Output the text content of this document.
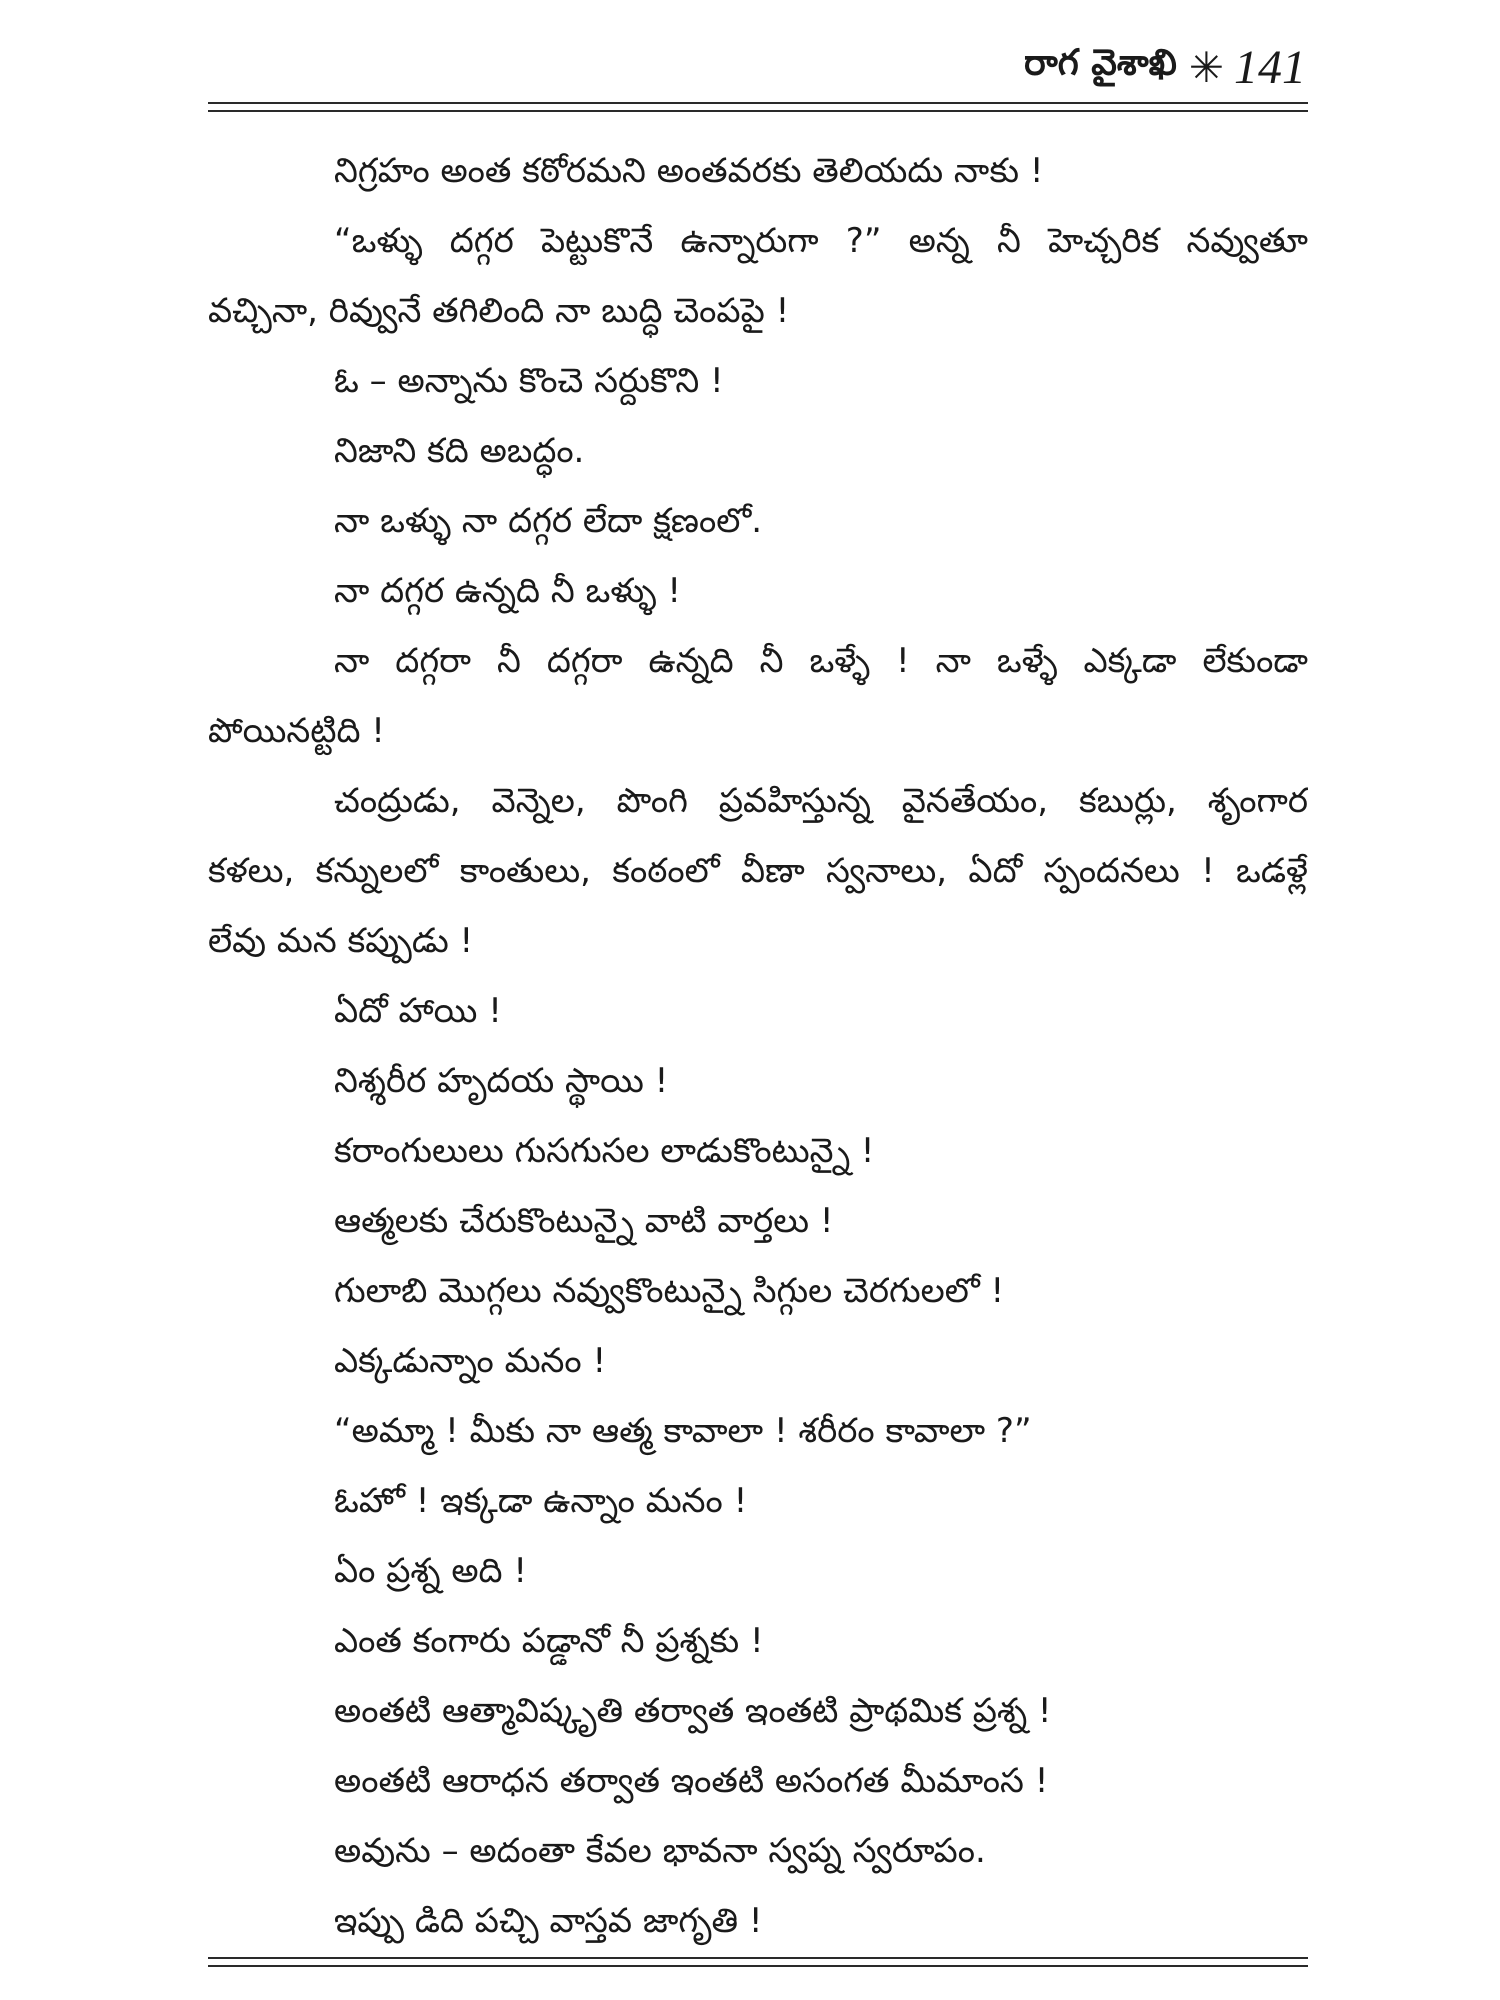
రాగ వైశాఖి ✳ 141
నిగ్రహం అంత కఠోరమని అంతవరకు తెలియదు నాకు !
“ఒళ్ళు దగ్గర పెట్టుకొనే ఉన్నారుగా ?” అన్న నీ హెచ్చరిక నవ్వుతూ
వచ్చినా, రివ్వునే తగిలింది నా బుద్ధి చెంపపై !
ఓ – అన్నాను కొంచె సర్దుకొని !
నిజాని కది అబద్ధం.
నా ఒళ్ళు నా దగ్గర లేదా క్షణంలో.
నా దగ్గర ఉన్నది నీ ఒళ్ళు !
నా దగ్గరా నీ దగ్గరా ఉన్నది నీ ఒళ్ళే ! నా ఒళ్ళే ఎక్కడా లేకుండా
పోయినట్టిది !
చంద్రుడు, వెన్నెల, పొంగి ప్రవహిస్తున్న వైనతేయం, కబుర్లు, శృంగార
కళలు, కన్నులలో కాంతులు, కంఠంలో వీణా స్వనాలు, ఏదో స్పందనలు ! ఒడళ్లే
లేవు మన కప్పుడు !
ఏదో హాయి !
నిశ్శరీర హృదయ స్థాయి !
కరాంగులులు గుసగుసల లాడుకొంటున్నై !
ఆత్మలకు చేరుకొంటున్నై వాటి వార్తలు !
గులాబి మొగ్గలు నవ్వుకొంటున్నై సిగ్గుల చెరగులలో !
ఎక్కడున్నాం మనం !
“అమ్మా ! మీకు నా ఆత్మ కావాలా ! శరీరం కావాలా ?”
ఓహో ! ఇక్కడా ఉన్నాం మనం !
ఏం ప్రశ్న అది !
ఎంత కంగారు పడ్డానో నీ ప్రశ్నకు !
అంతటి ఆత్మావిష్కృతి తర్వాత ఇంతటి ప్రాథమిక ప్రశ్న !
అంతటి ఆరాధన తర్వాత ఇంతటి అసంగత మీమాంస !
అవును – అదంతా కేవల భావనా స్వప్న స్వరూపం.
ఇప్పు డిది పచ్చి వాస్తవ జాగృతి !
